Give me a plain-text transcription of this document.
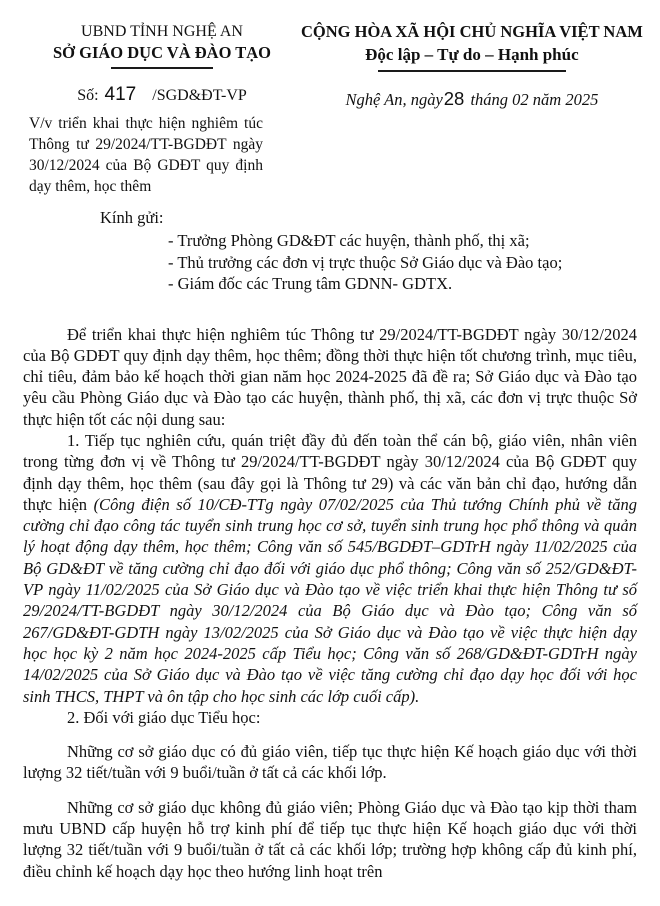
UBND TỈNH NGHỆ AN
SỞ GIÁO DỤC VÀ ĐÀO TẠO
Số: 417 /SGD&ĐT-VP
V/v triển khai thực hiện nghiêm túc Thông tư 29/2024/TT-BGDĐT ngày 30/12/2024 của Bộ GDĐT quy định dạy thêm, học thêm
CỘNG HÒA XÃ HỘI CHỦ NGHĨA VIỆT NAM
Độc lập – Tự do – Hạnh phúc
Nghệ An, ngày28 tháng 02 năm 2025
Kính gửi:
- Trưởng Phòng GD&ĐT các huyện, thành phố, thị xã;
- Thủ trưởng các đơn vị trực thuộc Sở Giáo dục và Đào tạo;
- Giám đốc các Trung tâm GDNN- GDTX.

Để triển khai thực hiện nghiêm túc Thông tư 29/2024/TT-BGDĐT ngày 30/12/2024 của Bộ GDĐT quy định dạy thêm, học thêm; đồng thời thực hiện tốt chương trình, mục tiêu, chỉ tiêu, đảm bảo kế hoạch thời gian năm học 2024-2025 đã đề ra; Sở Giáo dục và Đào tạo yêu cầu Phòng Giáo dục và Đào tạo các huyện, thành phố, thị xã, các đơn vị trực thuộc Sở thực hiện tốt các nội dung sau:

1. Tiếp tục nghiên cứu, quán triệt đầy đủ đến toàn thể cán bộ, giáo viên, nhân viên trong từng đơn vị về Thông tư 29/2024/TT-BGDĐT ngày 30/12/2024 của Bộ GDĐT quy định dạy thêm, học thêm (sau đây gọi là Thông tư 29) và các văn bản chỉ đạo, hướng dẫn thực hiện (Công điện số 10/CĐ-TTg ngày 07/02/2025 của Thủ tướng Chính phủ về tăng cường chỉ đạo công tác tuyển sinh trung học cơ sở, tuyển sinh trung học phổ thông và quản lý hoạt động dạy thêm, học thêm; Công văn số 545/BGDĐT–GDTrH ngày 11/02/2025 của Bộ GD&ĐT về tăng cường chỉ đạo đối với giáo dục phổ thông; Công văn số 252/GD&ĐT-VP ngày 11/02/2025 của Sở Giáo dục và Đào tạo về việc triển khai thực hiện Thông tư số 29/2024/TT-BGDĐT ngày 30/12/2024 của Bộ Giáo dục và Đào tạo; Công văn số 267/GD&ĐT-GDTH ngày 13/02/2025 của Sở Giáo dục và Đào tạo về việc thực hiện dạy học học kỳ 2 năm học 2024-2025 cấp Tiểu học; Công văn số 268/GD&ĐT-GDTrH ngày 14/02/2025 của Sở Giáo dục và Đào tạo về việc tăng cường chỉ đạo dạy học đối với học sinh THCS, THPT và ôn tập cho học sinh các lớp cuối cấp).

2. Đối với giáo dục Tiểu học:

Những cơ sở giáo dục có đủ giáo viên, tiếp tục thực hiện Kế hoạch giáo dục với thời lượng 32 tiết/tuần với 9 buổi/tuần ở tất cả các khối lớp.

Những cơ sở giáo dục không đủ giáo viên; Phòng Giáo dục và Đào tạo kịp thời tham mưu UBND cấp huyện hỗ trợ kinh phí để tiếp tục thực hiện Kế hoạch giáo dục với thời lượng 32 tiết/tuần với 9 buổi/tuần ở tất cả các khối lớp; trường hợp không cấp đủ kinh phí, điều chỉnh kế hoạch dạy học theo hướng linh hoạt trên
